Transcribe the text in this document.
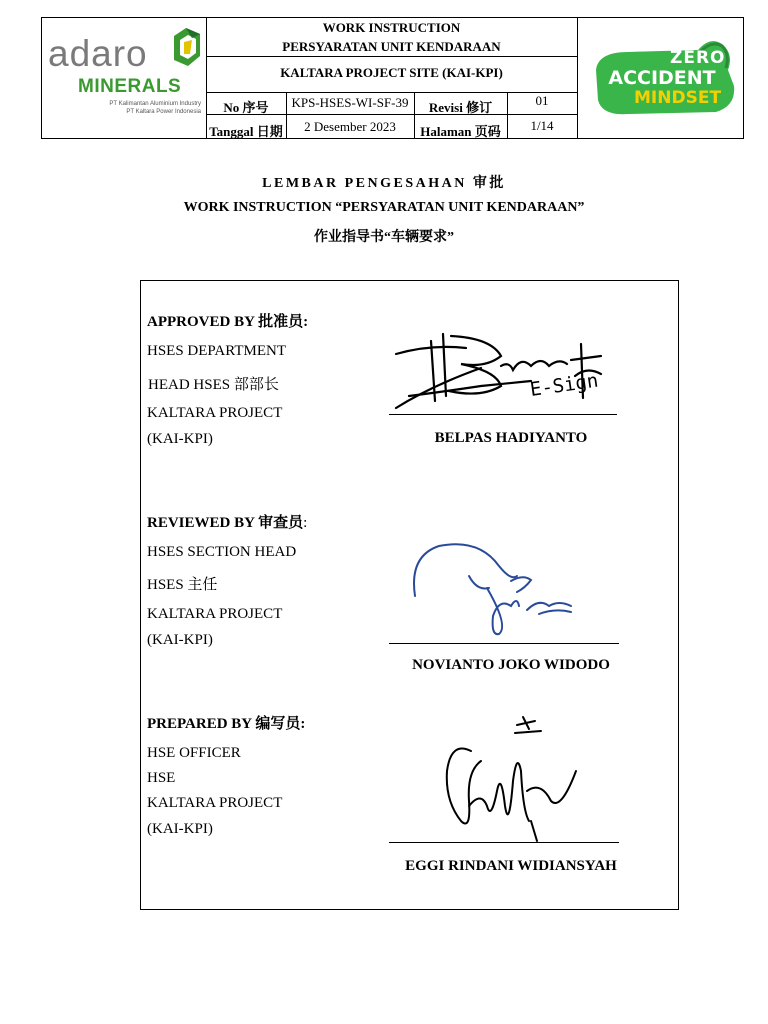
adaro
MINERALS
PT Kalimantan Aluminium Industry
PT Kaltara Power Indonesia
WORK INSTRUCTION
PERSYARATAN UNIT KENDARAAN
KALTARA PROJECT SITE (KAI-KPI)
No 序号	KPS-HSES-WI-SF-39	Revisi 修订	01
Tanggal 日期	2 Desember 2023	Halaman 页码	1/14
adaro
ZERO
ACCIDENT
MINDSET
LEMBAR PENGESAHAN 审批
WORK INSTRUCTION “PERSYARATAN UNIT KENDARAAN”
作业指导书“车辆要求”
APPROVED BY 批准员:
HSES DEPARTMENT
HEAD HSES 部部长
KALTARA PROJECT
(KAI-KPI)
E-Sign
BELPAS HADIYANTO
REVIEWED BY 审查员:
HSES SECTION HEAD
HSES 主任
KALTARA PROJECT
(KAI-KPI)
NOVIANTO JOKO WIDODO
PREPARED BY 编写员:
HSE OFFICER
HSE
KALTARA PROJECT
(KAI-KPI)
EGGI RINDANI WIDIANSYAH
